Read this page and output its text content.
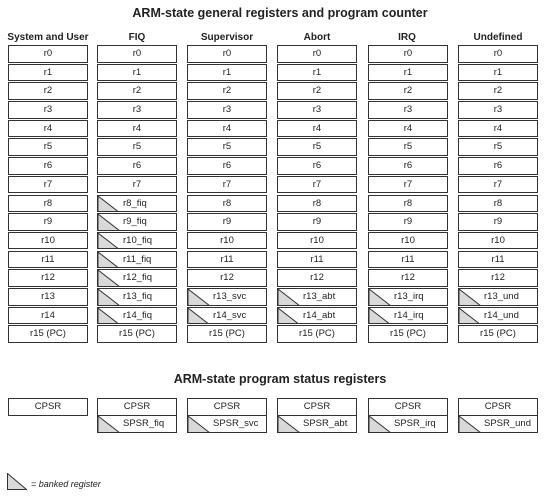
ARM-state general registers and program counter
System and User
r0
r1
r2
r3
r4
r5
r6
r7
r8
r9
r10
r11
r12
r13
r14
r15 (PC)
FIQ
r0
r1
r2
r3
r4
r5
r6
r7
r8_fiq
r9_fiq
r10_fiq
r11_fiq
r12_fiq
r13_fiq
r14_fiq
r15 (PC)
Supervisor
r0
r1
r2
r3
r4
r5
r6
r7
r8
r9
r10
r11
r12
r13_svc
r14_svc
r15 (PC)
Abort
r0
r1
r2
r3
r4
r5
r6
r7
r8
r9
r10
r11
r12
r13_abt
r14_abt
r15 (PC)
IRQ
r0
r1
r2
r3
r4
r5
r6
r7
r8
r9
r10
r11
r12
r13_irq
r14_irq
r15 (PC)
Undefined
r0
r1
r2
r3
r4
r5
r6
r7
r8
r9
r10
r11
r12
r13_und
r14_und
r15 (PC)
ARM-state program status registers
CPSR	CPSR
SPSR_fiq
CPSR
SPSR_svc
CPSR
SPSR_abt
CPSR
SPSR_irq
CPSR
SPSR_und
= banked register
